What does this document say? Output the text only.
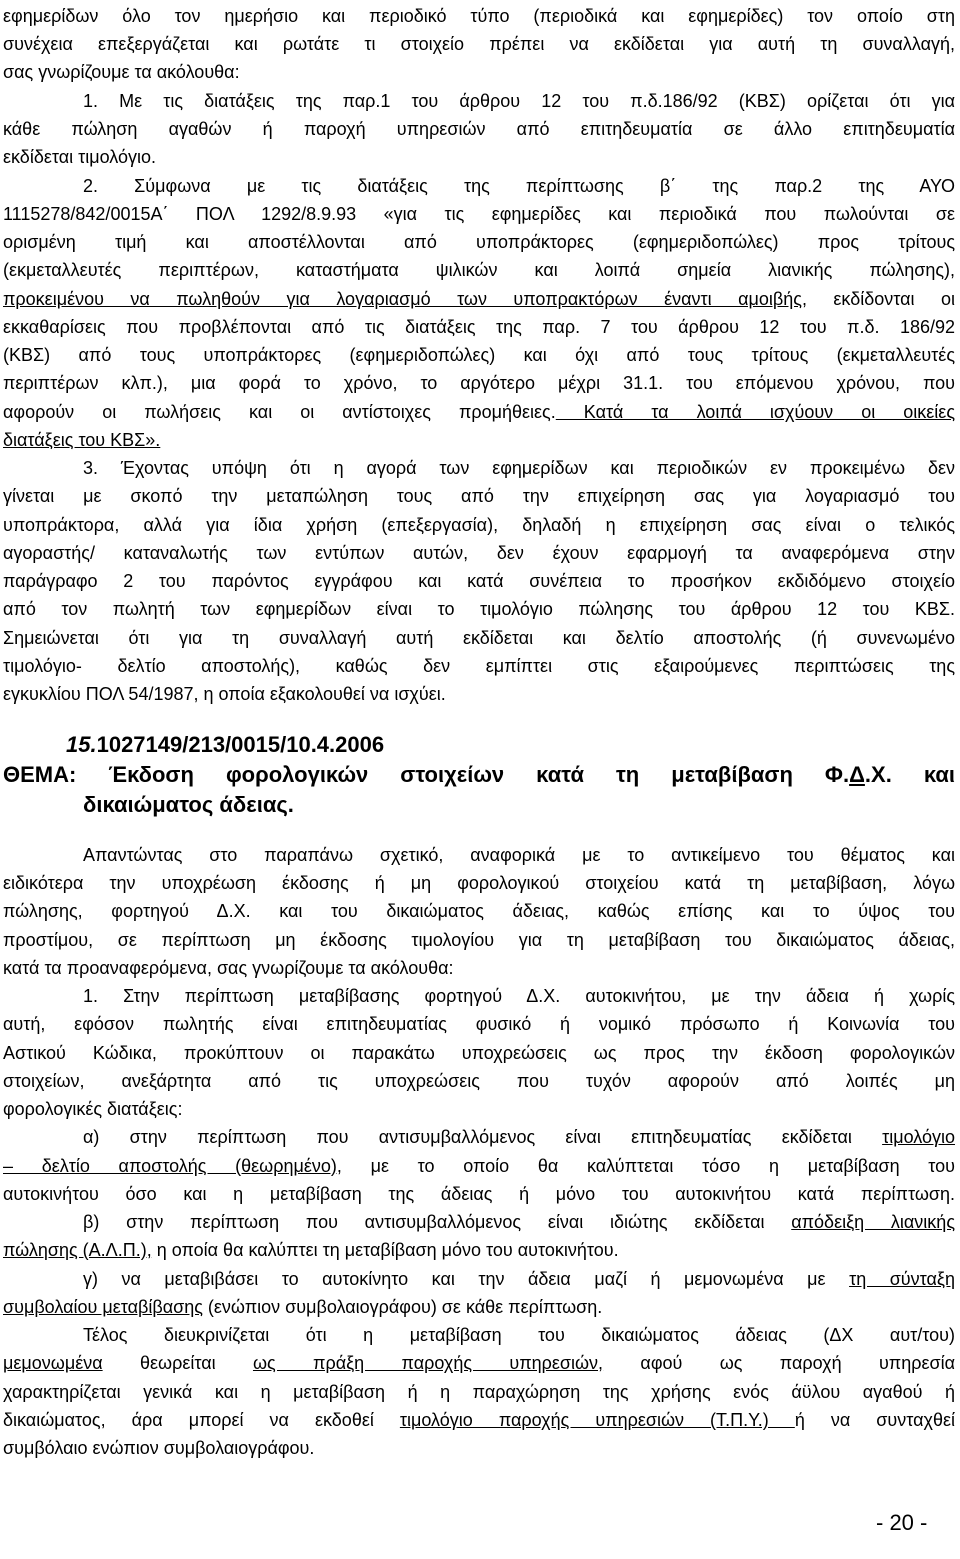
εφημερίδων όλο τον ημερήσιο και περιοδικό τύπο (περιοδικά και εφημερίδες) τον οποίο στη
συνέχεια επεξεργάζεται και ρωτάτε τι στοιχείο πρέπει να εκδίδεται για αυτή τη συναλλαγή,
σας γνωρίζουμε τα ακόλουθα:
1. Με τις διατάξεις της παρ.1 του άρθρου 12 του π.δ.186/92 (ΚΒΣ) ορίζεται ότι για
κάθε πώληση αγαθών ή παροχή υπηρεσιών από επιτηδευματία σε άλλο επιτηδευματία
εκδίδεται τιμολόγιο.
2. Σύμφωνα με τις διατάξεις της περίπτωσης β΄ της παρ.2 της ΑΥΟ
1115278/842/0015Α΄ ΠΟΛ 1292/8.9.93 «για τις εφημερίδες και περιοδικά που πωλούνται σε
ορισμένη τιμή και αποστέλλονται από υποπράκτορες (εφημεριδοπώλες) προς τρίτους
(εκμεταλλευτές περιπτέρων, καταστήματα ψιλικών και λοιπά σημεία λιανικής πώλησης),
προκειμένου να πωληθούν για λογαριασμό των υποπρακτόρων έναντι αμοιβής, εκδίδονται οι
εκκαθαρίσεις που προβλέπονται από τις διατάξεις της παρ. 7 του άρθρου 12 του π.δ. 186/92
(ΚΒΣ) από τους υποπράκτορες (εφημεριδοπώλες) και όχι από τους τρίτους (εκμεταλλευτές
περιπτέρων κλπ.), μια φορά το χρόνο, το αργότερο μέχρι 31.1. του επόμενου χρόνου, που
αφορούν οι πωλήσεις και οι αντίστοιχες προμήθειες. Κατά τα λοιπά ισχύουν οι οικείες
διατάξεις του ΚΒΣ».
3. Έχοντας υπόψη ότι η αγορά των εφημερίδων και περιοδικών εν προκειμένω δεν
γίνεται με σκοπό την μεταπώληση τους από την επιχείρηση σας για λογαριασμό του
υποπράκτορα, αλλά για ίδια χρήση (επεξεργασία), δηλαδή η επιχείρηση σας είναι ο τελικός
αγοραστής/ καταναλωτής των εντύπων αυτών, δεν έχουν εφαρμογή τα αναφερόμενα στην
παράγραφο 2 του παρόντος εγγράφου και κατά συνέπεια το προσήκον εκδιδόμενο στοιχείο
από τον πωλητή των εφημερίδων είναι το τιμολόγιο πώλησης του άρθρου 12 του ΚΒΣ.
Σημειώνεται ότι για τη συναλλαγή αυτή εκδίδεται και δελτίο αποστολής (ή συνενωμένο
τιμολόγιο- δελτίο αποστολής), καθώς δεν εμπίπτει στις εξαιρούμενες περιπτώσεις της
εγκυκλίου ΠΟΛ 54/1987, η οποία εξακολουθεί να ισχύει.
15.1027149/213/0015/10.4.2006
ΘΕΜΑ: Έκδοση φορολογικών στοιχείων κατά τη μεταβίβαση Φ.Δ.Χ. και
δικαιώματος άδειας.
Απαντώντας στο παραπάνω σχετικό, αναφορικά με το αντικείμενο του θέματος και
ειδικότερα την υποχρέωση έκδοσης ή μη φορολογικού στοιχείου κατά τη μεταβίβαση, λόγω
πώλησης, φορτηγού Δ.Χ. και του δικαιώματος άδειας, καθώς επίσης και το ύψος του
προστίμου, σε περίπτωση μη έκδοσης τιμολογίου για τη μεταβίβαση του δικαιώματος άδειας,
κατά τα προαναφερόμενα, σας γνωρίζουμε τα ακόλουθα:
1. Στην περίπτωση μεταβίβασης φορτηγού Δ.Χ. αυτοκινήτου, με την άδεια ή χωρίς
αυτή, εφόσον πωλητής είναι επιτηδευματίας φυσικό ή νομικό πρόσωπο ή Κοινωνία του
Αστικού Κώδικα, προκύπτουν οι παρακάτω υποχρεώσεις ως προς την έκδοση φορολογικών
στοιχείων, ανεξάρτητα από τις υποχρεώσεις που τυχόν αφορούν από λοιπές μη
φορολογικές διατάξεις:
α) στην περίπτωση που αντισυμβαλλόμενος είναι επιτηδευματίας εκδίδεται τιμολόγιο
– δελτίο αποστολής (θεωρημένο), με το οποίο θα καλύπτεται τόσο η μεταβίβαση του
αυτοκινήτου όσο και η μεταβίβαση της άδειας ή μόνο του αυτοκινήτου κατά περίπτωση.
β) στην περίπτωση που αντισυμβαλλόμενος είναι ιδιώτης εκδίδεται απόδειξη λιανικής
πώλησης (Α.Λ.Π.), η οποία θα καλύπτει τη μεταβίβαση μόνο του αυτοκινήτου.
γ) να μεταβιβάσει το αυτοκίνητο και την άδεια μαζί ή μεμονωμένα με τη σύνταξη
συμβολαίου μεταβίβασης (ενώπιον συμβολαιογράφου) σε κάθε περίπτωση.
Τέλος διευκρινίζεται ότι η μεταβίβαση του δικαιώματος άδειας (ΔΧ αυτ/του)
μεμονωμένα θεωρείται ως πράξη παροχής υπηρεσιών, αφού ως παροχή υπηρεσία
χαρακτηρίζεται γενικά και η μεταβίβαση ή η παραχώρηση της χρήσης ενός άϋλου αγαθού ή
δικαιώματος, άρα μπορεί να εκδοθεί τιμολόγιο παροχής υπηρεσιών (Τ.Π.Υ.) ή να συνταχθεί
συμβόλαιο ενώπιον συμβολαιογράφου.
- 20 -
